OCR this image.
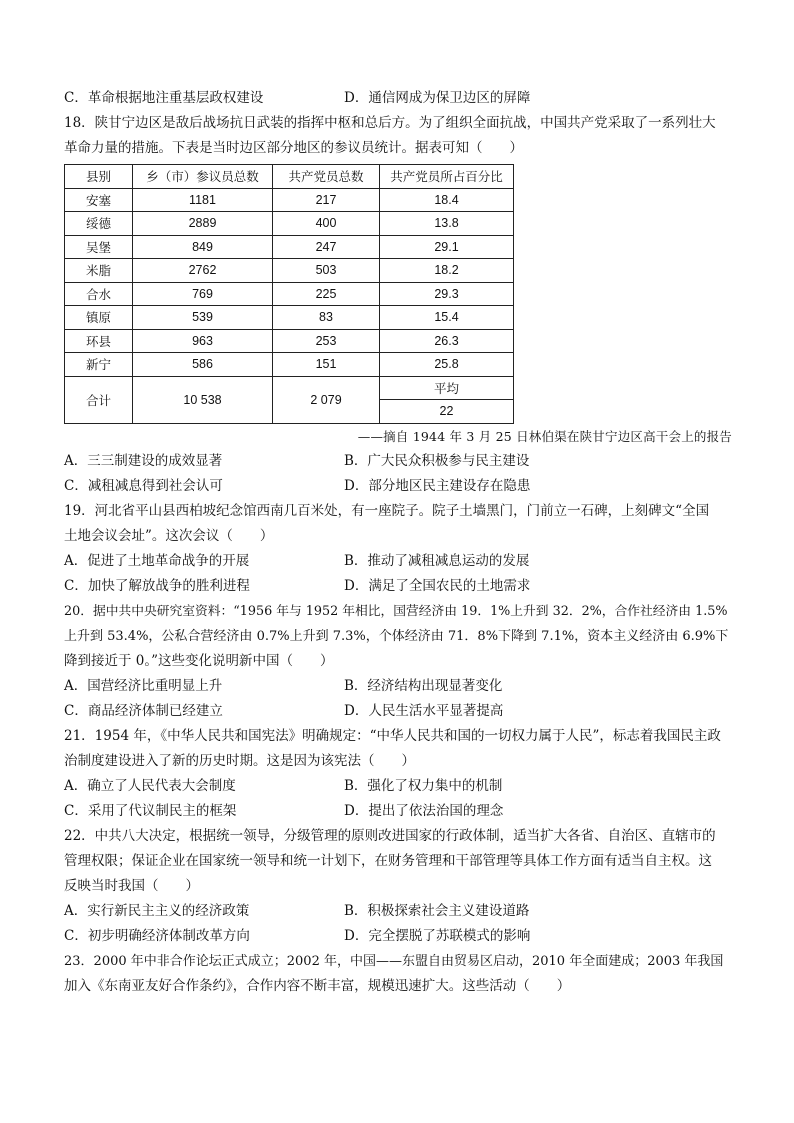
C．革命根据地注重基层政权建设	D．通信网成为保卫边区的屏障
18．陕甘宁边区是敌后战场抗日武装的指挥中枢和总后方。为了组织全面抗战，中国共产党采取了一系列壮大
革命力量的措施。下表是当时边区部分地区的参议员统计。据表可知（　　）
县别	乡（市）参议员总数	共产党员总数	共产党员所占百分比
安塞	1181	217	18.4
绥德	2889	400	13.8
吴堡	849	247	29.1
米脂	2762	503	18.2
合水	769	225	29.3
镇原	539	83	15.4
环县	963	253	26.3
新宁	586	151	25.8
合计	10 538	2 079	平均
			22
——摘自 1944 年 3 月 25 日林伯渠在陕甘宁边区高干会上的报告
A．三三制建设的成效显著	B．广大民众积极参与民主建设
C．减租减息得到社会认可	D．部分地区民主建设存在隐患
19．河北省平山县西柏坡纪念馆西南几百米处，有一座院子。院子土墙黑门，门前立一石碑，上刻碑文“全国
土地会议会址”。这次会议（　　）
A．促进了土地革命战争的开展	B．推动了减租减息运动的发展
C．加快了解放战争的胜利进程	D．满足了全国农民的土地需求
20．据中共中央研究室资料：“1956 年与 1952 年相比，国营经济由 19．1%上升到 32．2%，合作社经济由 1.5%
上升到 53.4%，公私合营经济由 0.7%上升到 7.3%，个体经济由 71．8%下降到 7.1%，资本主义经济由 6.9%下
降到接近于 0。”这些变化说明新中国（　　）
A．国营经济比重明显上升	B．经济结构出现显著变化
C．商品经济体制已经建立	D．人民生活水平显著提高
21．1954 年，《中华人民共和国宪法》明确规定：“中华人民共和国的一切权力属于人民”，标志着我国民主政
治制度建设进入了新的历史时期。这是因为该宪法（　　）
A．确立了人民代表大会制度	B．强化了权力集中的机制
C．采用了代议制民主的框架	D．提出了依法治国的理念
22．中共八大决定，根据统一领导，分级管理的原则改进国家的行政体制，适当扩大各省、自治区、直辖市的
管理权限；保证企业在国家统一领导和统一计划下，在财务管理和干部管理等具体工作方面有适当自主权。这
反映当时我国（　　）
A．实行新民主主义的经济政策	B．积极探索社会主义建设道路
C．初步明确经济体制改革方向	D．完全摆脱了苏联模式的影响
23．2000 年中非合作论坛正式成立；2002 年，中国——东盟自由贸易区启动，2010 年全面建成；2003 年我国
加入《东南亚友好合作条约》，合作内容不断丰富，规模迅速扩大。这些活动（　　）
